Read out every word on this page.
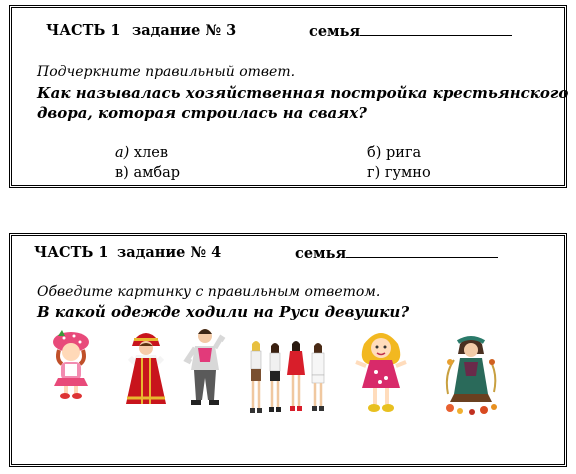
ЧАСТЬ 1 задание № 3	семья
Подчеркните правильный ответ.
Как называлась хозяйственная постройка крестьянского
двора, которая строилась на сваях?
а) хлев	б) рига
в) амбар	г) гумно
ЧАСТЬ 1 задание № 4	семья
Обведите картинку с правильным ответом.
В какой одежде ходили на Руси девушки?
